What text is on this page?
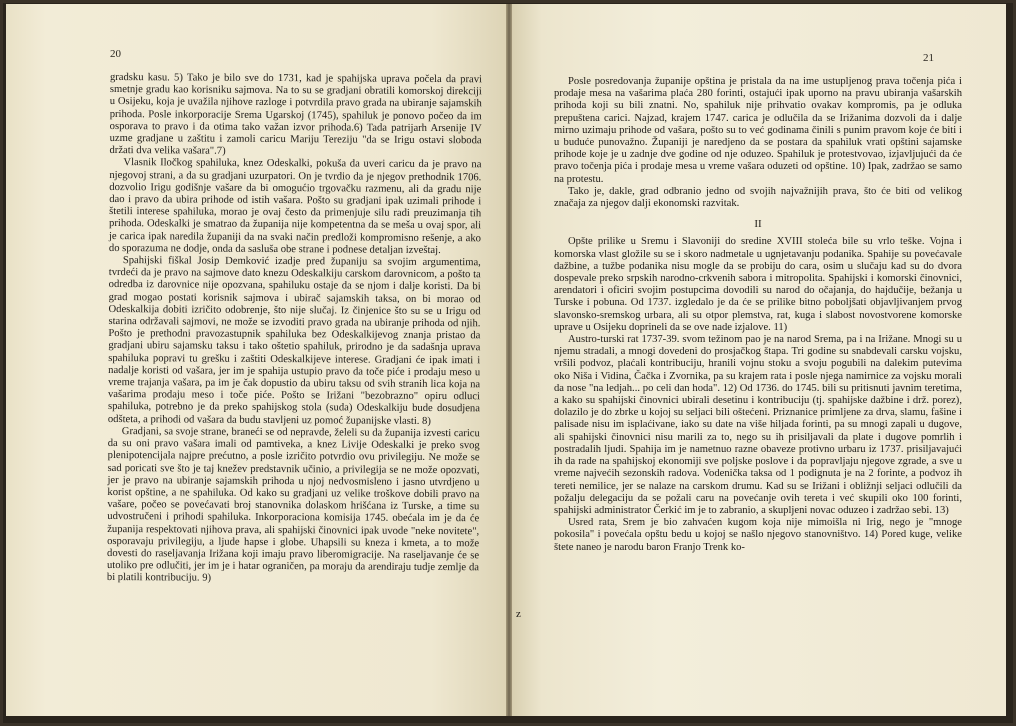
20

gradsku kasu. 5) Tako je bilo sve do 1731, kad je spahijska uprava počela da pravi smetnje gradu kao korisniku sajmova. Na to su se gradjani obratili komorskoj direkciji u Osijeku, koja je uvažila njihove razloge i potvrdila pravo grada na ubiranje sajamskih prihoda. Posle inkorporacije Srema Ugarskoj (1745), spahiluk je ponovo počeo da im osporava to pravo i da otima tako važan izvor prihoda.6) Tada patrijarh Arsenije IV uzme gradjane u zaštitu i zamoli caricu Mariju Tereziju "da se Irigu ostavi sloboda držati dva velika vašara".7)

Vlasnik Iločkog spahiluka, knez Odeskalki, pokuša da uveri caricu da je pravo na njegovoj strani, a da su gradjani uzurpatori. On je tvrdio da je njegov prethodnik 1706. dozvolio Irigu godišnje vašare da bi omogućio trgovačku razmenu, ali da gradu nije dao i pravo da ubira prihode od istih vašara. Pošto su gradjani ipak uzimali prihode i štetili interese spahiluka, morao je ovaj često da primenjuje silu radi preuzimanja tih prihoda. Odeskalki je smatrao da županija nije kompetentna da se meša u ovaj spor, ali je carica ipak naredila županiji da na svaki način predloži kompromisno rešenje, a ako do sporazuma ne dodje, onda da sasluša obe strane i podnese detaljan izveštaj.

Spahijski fiškal Josip Demković izadje pred županiju sa svojim argumentima, tvrdeći da je pravo na sajmove dato knezu Odeskalkiju carskom darovnicom, a pošto ta odredba iz darovnice nije opozvana, spahiluku ostaje da se njom i dalje koristi. Da bi grad mogao postati korisnik sajmova i ubirač sajamskih taksa, on bi morao od Odeskalkija dobiti izričito odobrenje, što nije slučaj. Iz činjenice što su se u Irigu od starina održavali sajmovi, ne može se izvoditi pravo grada na ubiranje prihoda od njih. Pošto je prethodni pravozastupnik spahiluka bez Odeskalkijevog znanja pristao da gradjani ubiru sajamsku taksu i tako oštetio spahiluk, prirodno je da sadašnja uprava spahiluka popravi tu grešku i zaštiti Odeskalkijeve interese. Gradjani će ipak imati i nadalje koristi od vašara, jer im je spahija ustupio pravo da toče piće i prodaju meso u vreme trajanja vašara, pa im je čak dopustio da ubiru taksu od svih stranih lica koja na vašarima prodaju meso i toče piće. Pošto se Irižani "bezobrazno" opiru odluci spahiluka, potrebno je da preko spahijskog stola (suda) Odeskalkiju bude dosudjena odšteta, a prihodi od vašara da budu stavljeni uz pomoć županijske vlasti. 8)

Gradjani, sa svoje strane, braneći se od nepravde, želeli su da županija izvesti caricu da su oni pravo vašara imali od pamtiveka, a knez Livije Odeskalki je preko svog plenipotencijala najpre prećutno, a posle izričito potvrdio ovu privilegiju. Ne može se sad poricati sve što je taj knežev predstavnik učinio, a privilegija se ne može opozvati, jer je pravo na ubiranje sajamskih prihoda u njoj nedvosmisleno i jasno utvrdjeno u korist opštine, a ne spahiluka. Od kako su gradjani uz velike troškove dobili pravo na vašare, počeo se povećavati broj stanovnika dolaskom hrišćana iz Turske, a time su udvostručeni i prihodi spahiluka. Inkorporaciona komisija 1745. obećala im je da će županija respektovati njihova prava, ali spahijski činovnici ipak uvode "nekе novitete", osporavaju privilegiju, a ljude hapse i globe. Uhapsili su kneza i kmeta, a to može dovesti do raseljavanja Irižana koji imaju pravo liberomigracije. Na raseljavanje će se utoliko pre odlučiti, jer im je i hatar ograničen, pa moraju da arendiraju tudje zemlje da bi platili kontribuciju. 9)

21
z

Posle posredovanja županije opština je pristala da na ime ustupljenog prava točenja pića i prodaje mesa na vašarima plaća 280 forinti, ostajući ipak uporno na pravu ubiranja vašarskih prihoda koji su bili znatni. No, spahiluk nije prihvatio ovakav kompromis, pa je odluka prepuštena carici. Najzad, krajem 1747. carica je odlučila da se Irižanima dozvoli da i dalje mirno uzimaju prihode od vašara, pošto su to već godinama činili s punim pravom koje će biti i u buduće punovažno. Županiji je naredjeno da se postara da spahiluk vrati opštini sajamske prihode koje je u zadnje dve godine od nje oduzeo. Spahiluk je protestvovao, izjavljujući da će pravo točenja pića i prodaje mesa u vreme vašara oduzeti od opštine. 10) Ipak, zadržao se samo na protestu.

Tako je, dakle, grad odbranio jedno od svojih najvažnijih prava, što će biti od velikog značaja za njegov dalji ekonomski razvitak.

II

Opšte prilike u Sremu i Slavoniji do sredine XVIII stoleća bile su vrlo teške. Vojna i komorska vlast gložile su se i skoro nadmetale u ugnjetavanju podanika. Spahije su povećavale dažbine, a tužbe podanika nisu mogle da se probiju do cara, osim u slučaju kad su do dvora dospevale preko srpskih narodno-crkvenih sabora i mitropolita. Spahijski i komorski činovnici, arendatori i oficiri svojim postupcima dovodili su narod do očajanja, do hajdučije, bežanja u Turske i pobuna. Od 1737. izgledalo je da će se prilike bitno poboljšati objavljivanjem prvog slavonsko-sremskog urbara, ali su otpor plemstva, rat, kuga i slabost novostvorene komorske uprave u Osijeku doprineli da se ove nade izjalove. 11)

Austro-turski rat 1737-39. svom težinom pao je na narod Srema, pa i na Irižane. Mnogi su u njemu stradali, a mnogi dovedeni do prosjačkog štapa. Tri godine su snabdevali carsku vojsku, vršili podvoz, plaćali kontribuciju, hranili vojnu stoku a svoju pogubili na dalekim putevima oko Niša i Vidina, Čačka i Zvornika, pa su krajem rata i posle njega namirnice za vojsku morali da nose "na ledjah... po celi dan hoda". 12) Od 1736. do 1745. bili su pritisnuti javnim teretima, a kako su spahijski činovnici ubirali desetinu i kontribuciju (tj. spahijske dažbine i drž. porez), dolazilo je do zbrke u kojoj su seljaci bili oštećeni. Priznanice primljene za drva, slamu, fašine i palisade nisu im isplaćivane, iako su date na više hiljada forinti, pa su mnogi zapali u dugove, ali spahijski činovnici nisu marili za to, nego su ih prisiljavali da plate i dugove pomrlih i postradalih ljudi. Spahija im je nametnuo razne obaveze protivno urbaru iz 1737. prisiljavajući ih da rade na spahijskoj ekonomiji sve poljske poslove i da popravljaju njegove zgrade, a sve u vreme najvećih sezonskih radova. Vodenička taksa od 1 podignuta je na 2 forinte, a podvoz ih tereti nemilice, jer se nalaze na carskom drumu. Kad su se Irižani i obližnji seljaci odlučili da požalju delegaciju da se požali caru na povećanje ovih tereta i već skupili oko 100 forinti, spahijski administrator Čerkić im je to zabranio, a skupljeni novac oduzeo i zadržao sebi. 13)

Usred rata, Srem je bio zahvaćen kugom koja nije mimoišla ni Irig, nego je "mnoge pokosila" i povećala opštu bedu u kojoj se našlo njegovo stanovništvo. 14) Pored kuge, velike štete naneo je narodu baron Franjo Trenk ko-
